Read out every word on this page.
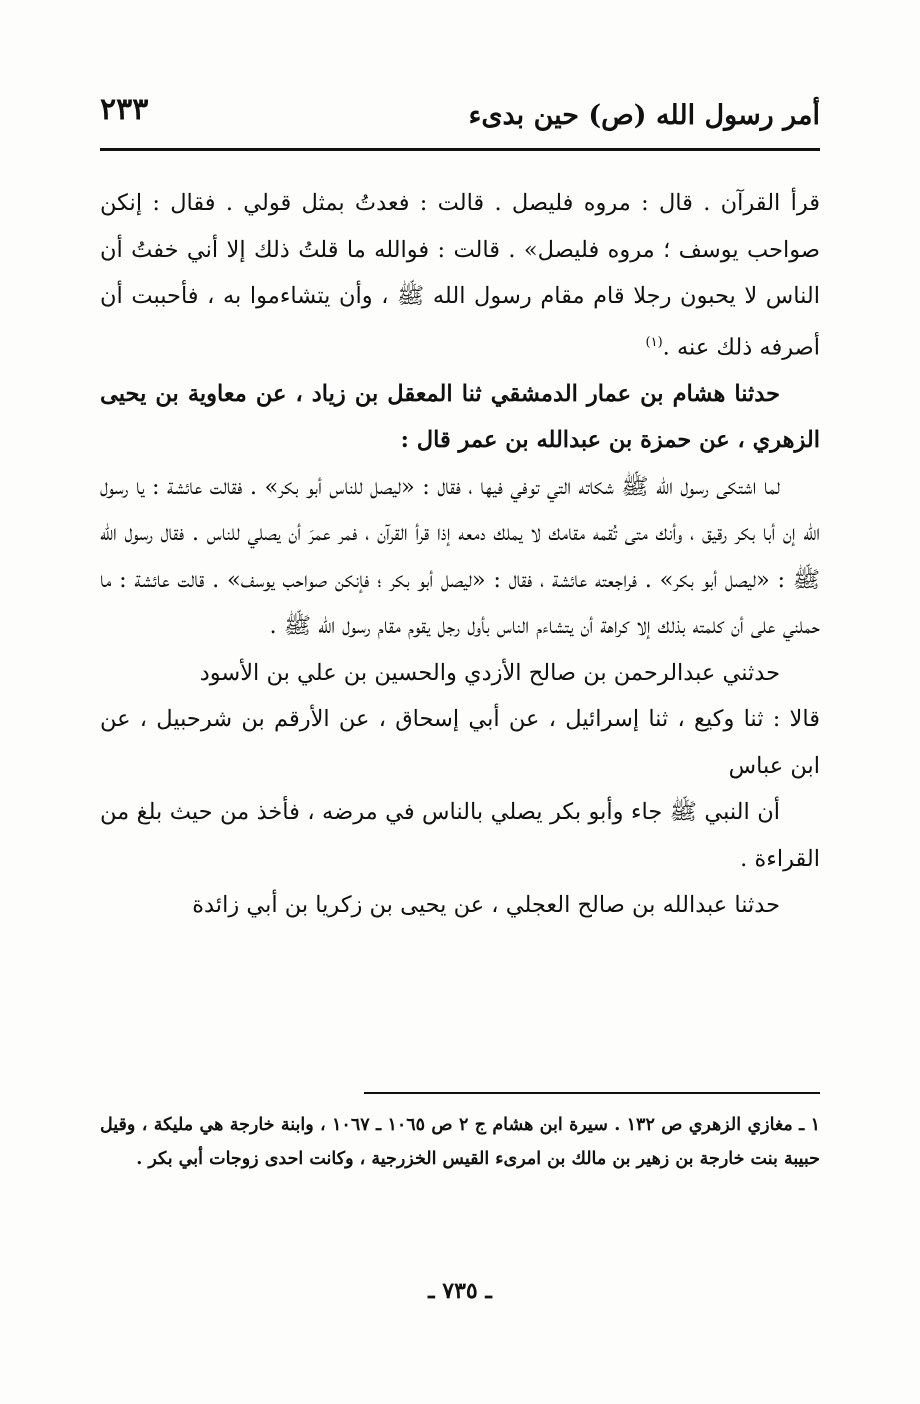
أمر رسول الله (ص) حين بدىء
٢٣٣

قرأ القرآن . قال : مروه فليصل . قالت : فعدتُ بمثل قولي . فقال : إنكن صواحب يوسف ؛ مروه فليصل» . قالت : فوالله ما قلتُ ذلك إلا أني خفتُ أن الناس لا يحبون رجلا قام مقام رسول الله ﷺ ، وأن يتشاءموا به ، فأحببت أن أصرفه ذلك عنه .$^{(١)}$

حدثنا هشام بن عمار الدمشقي ثنا المعقل بن زياد ، عن معاوية بن يحيى الزهري ، عن حمزة بن عبدالله بن عمر قال :

لما اشتكى رسول الله ﷺ شكاته التي توفي فيها ، فقال : «ليصل للناس أبو بكر» . فقالت عائشة : يا رسول الله إن أبا بكر رقيق ، وأنك متى تُقمه مقامك لا يملك دمعه إذا قرأ القرآن ، فمر عمرَ أن يصلي للناس . فقال رسول الله ﷺ : «ليصل أبو بكر» . فراجعته عائشة ، فقال : «ليصل أبو بكر ؛ فإنكن صواحب يوسف» . قالت عائشة : ما حملني على أن كلمته بذلك إلا كراهة أن يتشاءم الناس بأول رجل يقوم مقام رسول الله ﷺ .

حدثني عبدالرحمن بن صالح الأزدي والحسين بن علي بن الأسود

قالا : ثنا وكيع ، ثنا إسرائيل ، عن أبي إسحاق ، عن الأرقم بن شرحبيل ، عن ابن عباس

أن النبي ﷺ جاء وأبو بكر يصلي بالناس في مرضه ، فأخذ من حيث بلغ من القراءة .

حدثنا عبدالله بن صالح العجلي ، عن يحيى بن زكريا بن أبي زائدة

١ ـ مغازي الزهري ص ١٣٢ . سيرة ابن هشام ج ٢ ص ١٠٦٥ ـ ١٠٦٧ ، وابنة خارجة هي مليكة ، وقيل حبيبة بنت خارجة بن زهير بن مالك بن امرىء القيس الخزرجية ، وكانت احدى زوجات أبي بكر .

ـ ٧٣٥ ـ
